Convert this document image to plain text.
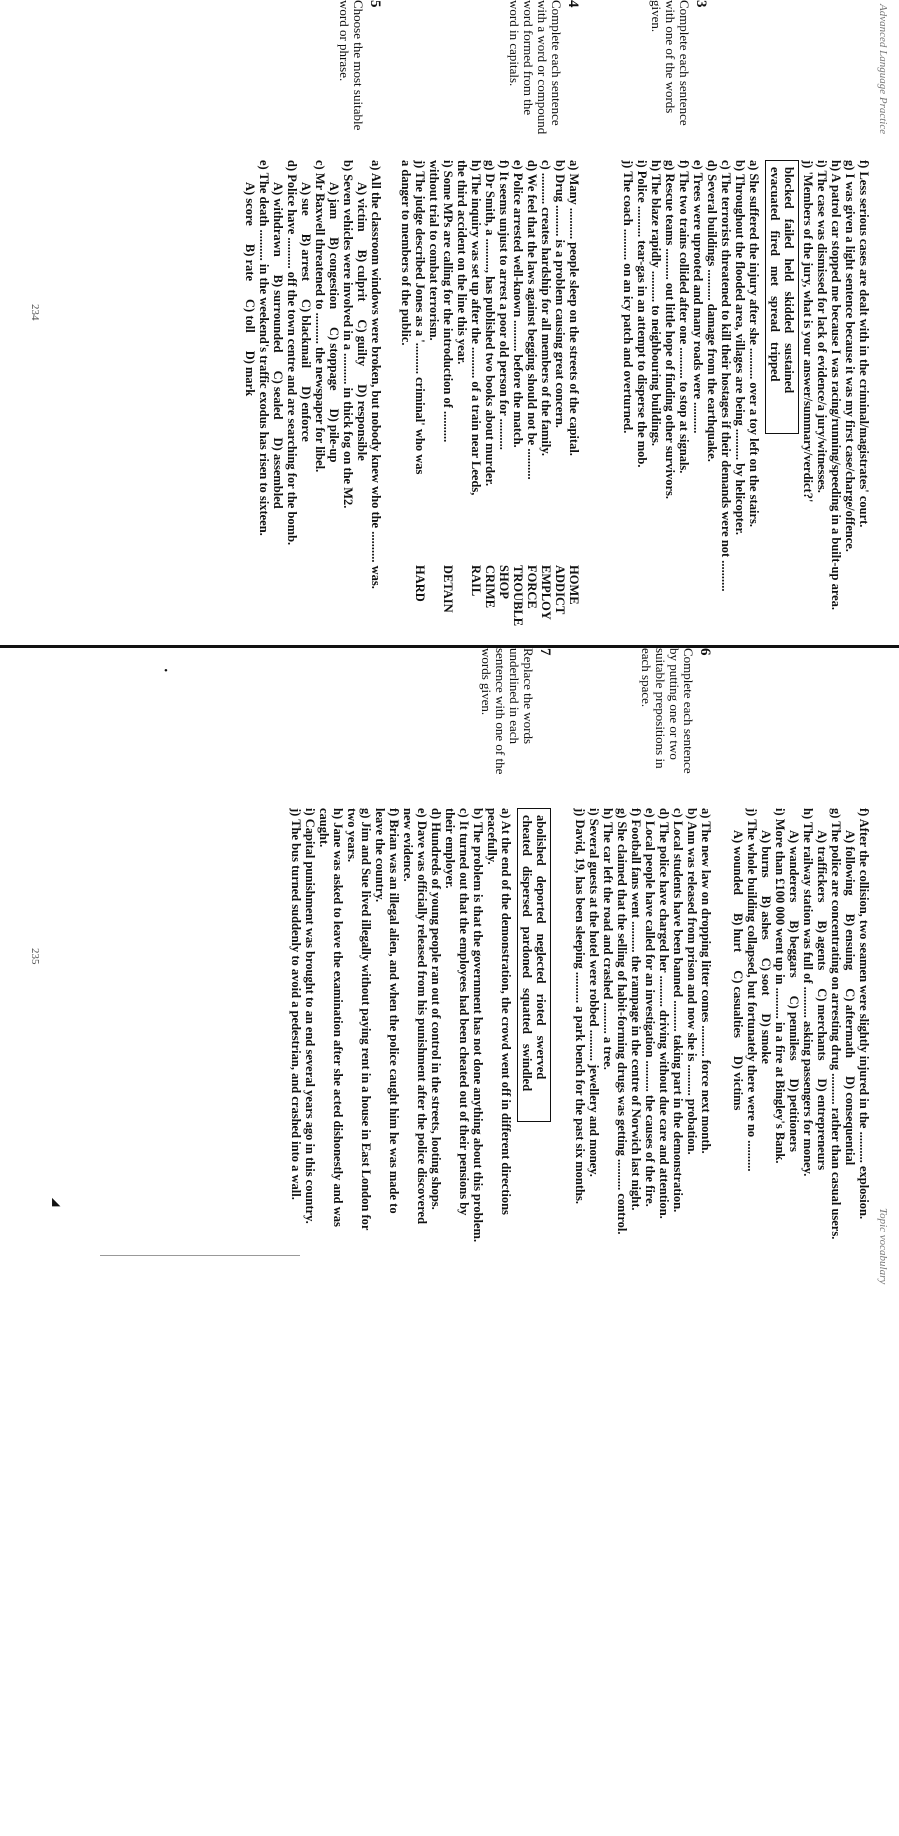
Advanced Language Practice
234
3
Complete each sentence with one of the words given.
f) Less serious cases are dealt with in the criminal/magistrates' court.
g) I was given a light sentence because it was my first case/charge/offence.
h) A patrol car stopped me because I was racing/running/speeding in a built-up area.
i) The case was dismissed for lack of evidence/a jury/witnesses.
j) 'Members of the jury, what is your answer/summary/verdict?'
blockedfailedheldskiddedsustained
evacuatedfiredmetspreadtripped
a) She suffered the injury after she .......... over a toy left on the stairs.
b) Throughout the flooded area, villages are being .......... by helicopter.
c) The terrorists threatened to kill their hostages if their demands were not ..........
d) Several buildings .......... damage from the earthquake.
e) Trees were uprooted and many roads were ..........
f) The two trains collided after one .......... to stop at signals.
g) Rescue teams .......... out little hope of finding other survivors.
h) The blaze rapidly .......... to neighbouring buildings.
i) Police .......... tear-gas in an attempt to disperse the mob.
j) The coach .......... on an icy patch and overturned.
4
Complete each sentence with a word or compound word formed from the word in capitals.
a) Many .......... people sleep on the streets of the capital.
b) Drug .......... is a problem causing great concern.
c) .......... creates hardship for all members of the family.
d) We feel that the laws against begging should not be ..........
e) Police arrested well-known .......... before the match.
f) It seems unjust to arrest a poor old person for ..........
g) Dr Smith, a .........., has published two books about murder.
h) The inquiry was set up after the .......... of a train near Leeds,
the third accident on the line this year.
i) Some MPs are calling for the introduction of ..........
without trial to combat terrorism.
j) The judge described Jones as a '.......... criminal' who was
a danger to members of the public.
HOME
ADDICT
EMPLOY
FORCE
TROUBLE
SHOP
CRIME
RAIL
DETAIN
HARD
5
Choose the most suitable word or phrase.
a) All the classroom windows were broken, but nobody knew who the .......... was.
A) victimB) culpritC) guiltyD) responsible
b) Seven vehicles were involved in a .......... in thick fog on the M2.
A) jamB) congestionC) stoppageD) pile-up
c) Mr Baxwell threatened to .......... the newspaper for libel.
A) sueB) arrestC) blackmailD) enforce
d) Police have .......... off the town centre and are searching for the bomb.
A) withdrawnB) surroundedC) sealedD) assembled
e) The death .......... in the weekend's traffic exodus has risen to sixteen.
A) scoreB) rateC) tollD) mark
Topic vocabulary
235	f) After the collision, two seamen were slightly injured in the .......... explosion.
A) followingB) ensuingC) aftermathD) consequential
g) The police are concentrating on arresting drug .......... rather than casual users.
A) traffickersB) agentsC) merchantsD) entrepreneurs
h) The railway station was full of .......... asking passengers for money.
A) wanderersB) beggarsC) pennilessD) petitioners
i) More than £100 000 went up in .......... in a fire at Bingley's Bank.
A) burnsB) ashesC) sootD) smoke
j) The whole building collapsed, but fortunately there were no ..........
A) woundedB) hurtC) casualtiesD) victims
6
Complete each sentence by putting one or two suitable prepositions in each space.
a) The new law on dropping litter comes .......... force next month.
b) Ann was released from prison and now she is .......... probation.
c) Local students have been banned .......... taking part in the demonstration.
d) The police have charged her .......... driving without due care and attention.
e) Local people have called for an investigation .......... the causes of the fire.
f) Football fans went .......... the rampage in the centre of Norwich last night.
g) She claimed that the selling of habit-forming drugs was getting .......... control.
h) The car left the road and crashed .......... a tree.
i) Several guests at the hotel were robbed .......... jewellery and money.
j) David, 19, has been sleeping .......... a park bench for the past six months.
7
Replace the words underlined in each sentence with one of the words given.
abolisheddeportedneglectedriotedswerved
cheateddispersedpardonedsquattedswindled
a) At the end of the demonstration, the crowd went off in different directions
peacefully.
b) The problem is that the government has not done anything about this problem.
c) It turned out that the employees had been cheated out of their pensions by
their employer.
d) Hundreds of young people ran out of control in the streets, looting shops.
e) Dave was officially released from his punishment after the police discovered
new evidence.
f) Brian was an illegal alien, and when the police caught him he was made to
leave the country.
g) Jim and Sue lived illegally without paying rent in a house in East London for
two years.
h) Jane was asked to leave the examination after she acted dishonestly and was
caught.
i) Capital punishment was brought to an end several years ago in this country.
j) The bus turned suddenly to avoid a pedestrian, and crashed into a wall.
◣
•
